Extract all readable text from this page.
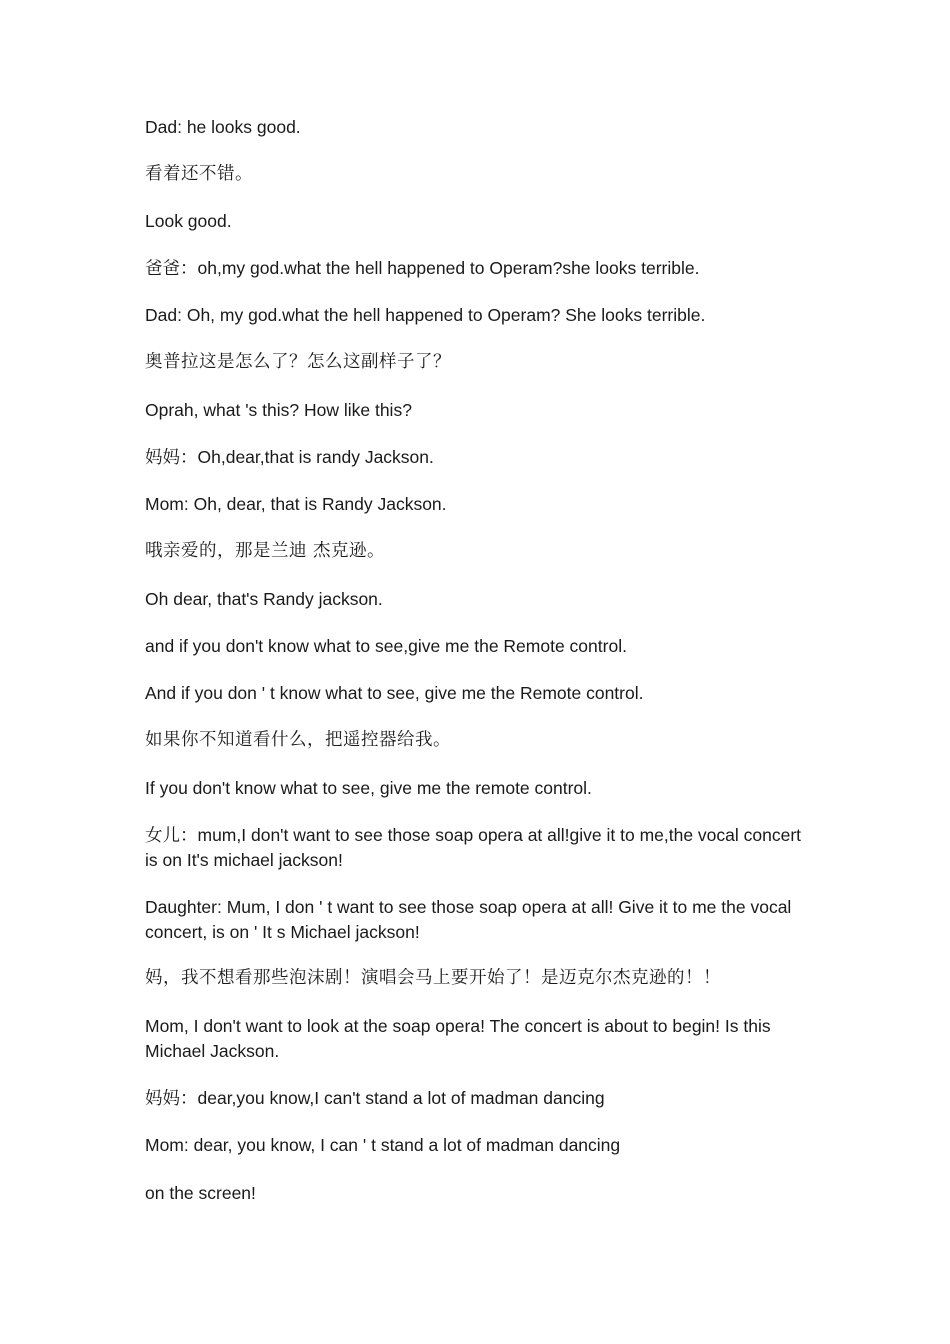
Dad: he looks good.

看着还不错。

Look good.

爸爸：oh,my god.what the hell happened to Operam?she looks terrible.

Dad: Oh, my god.what the hell happened to Operam? She looks terrible.

奥普拉这是怎么了？怎么这副样子了？

Oprah, what 's this? How like this?

妈妈：Oh,dear,that is randy Jackson.

Mom: Oh, dear, that is Randy Jackson.

哦亲爱的，那是兰迪 杰克逊。

Oh dear, that's Randy jackson.

and if you don't know what to see,give me the Remote control.

And if you don ' t know what to see, give me the Remote control.

如果你不知道看什么，把遥控器给我。

If you don't know what to see, give me the remote control.

女儿：mum,I don't want to see those soap opera at all!give it to me,the vocal concert is on It's michael jackson!

Daughter: Mum, I don ' t want to see those soap opera at all! Give it to me the vocal concert, is on ' It s Michael jackson!

妈，我不想看那些泡沫剧！演唱会马上要开始了！是迈克尔杰克逊的！！

Mom, I don't want to look at the soap opera! The concert is about to begin! Is this Michael Jackson.

妈妈：dear,you know,I can't stand a lot of madman dancing

Mom: dear, you know, I can ' t stand a lot of madman dancing

on the screen!
